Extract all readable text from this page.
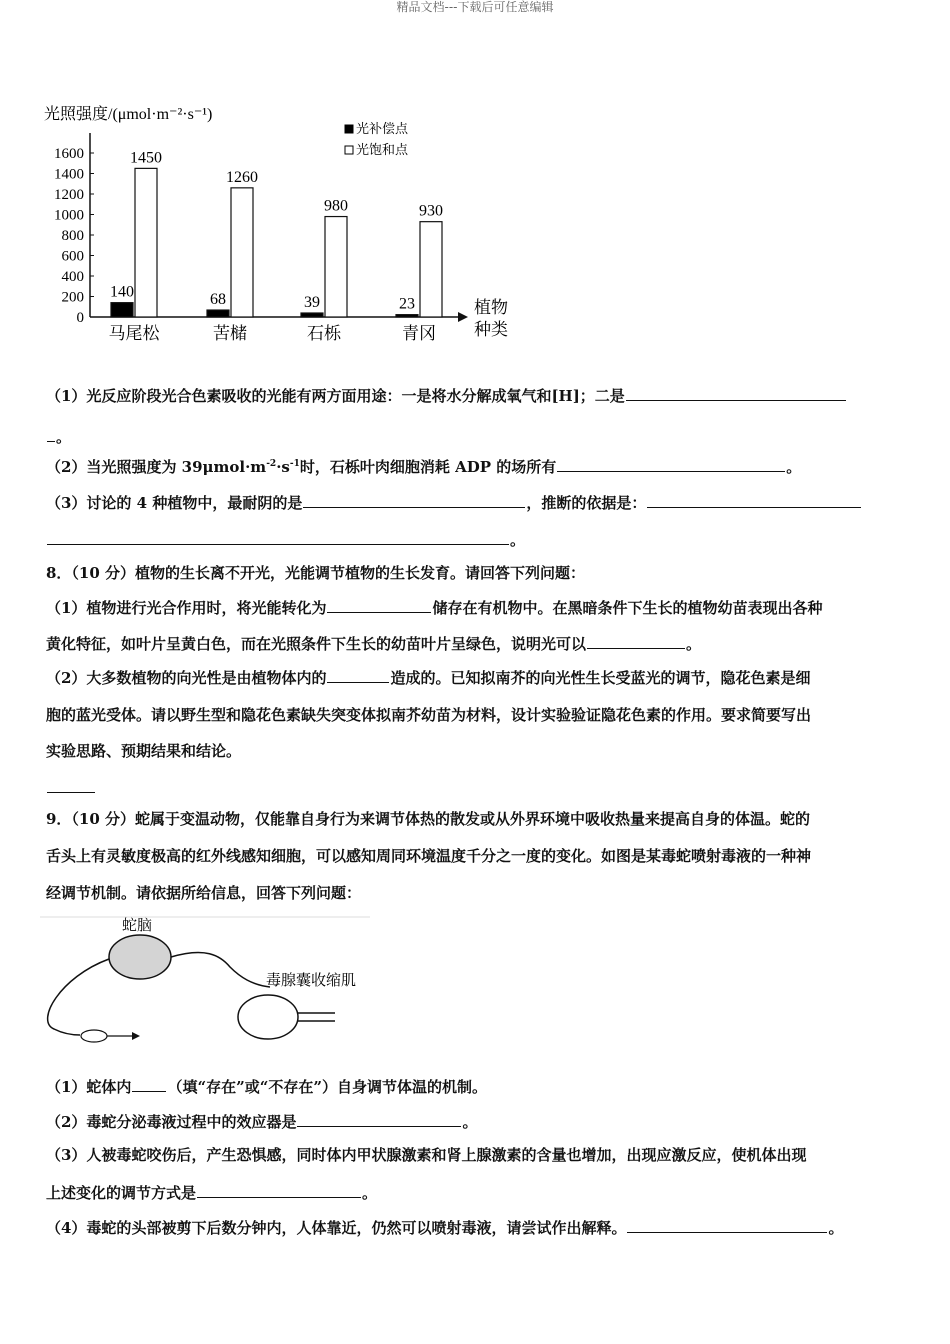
精品文档---下载后可任意编辑
光照强度/(μmol·m⁻²·s⁻¹)
0
200
400
600
800
1000
1200
1400
1600
140
1450
68
1260
39
980
23
930
马尾松	苦槠	石栎	青冈
植物
种类
光补偿点
光饱和点
（1）光反应阶段光合色素吸收的光能有两方面用途：一是将水分解成氧气和[H]；二是
。
（2）当光照强度为 $39\mu mol\cdot m^{-2}\cdot s^{-1}$时，石栎叶肉细胞消耗 ADP 的场所有	。
（3）讨论的 4 种植物中，最耐阴的是	，推断的依据是：
。
8．（10 分）植物的生长离不开光，光能调节植物的生长发育。请回答下列问题：
（1）植物进行光合作用时，将光能转化为	储存在有机物中。在黑暗条件下生长的植物幼苗表现出各种
黄化特征，如叶片呈黄白色，而在光照条件下生长的幼苗叶片呈绿色，说明光可以	。
（2）大多数植物的向光性是由植物体内的	造成的。已知拟南芥的向光性生长受蓝光的调节，隐花色素是细
胞的蓝光受体。请以野生型和隐花色素缺失突变体拟南芥幼苗为材料，设计实验验证隐花色素的作用。要求简要写出
实验思路、预期结果和结论。
9．（10 分）蛇属于变温动物，仅能靠自身行为来调节体热的散发或从外界环境中吸收热量来提高自身的体温。蛇的
舌头上有灵敏度极高的红外线感知细胞，可以感知周同环境温度千分之一度的变化。如图是某毒蛇喷射毒液的一种神
经调节机制。请依据所给信息，回答下列问题：
蛇脑
毒腺囊收缩肌
（1）蛇体内 （填“存在”或“不存在”）自身调节体温的机制。
（2）毒蛇分泌毒液过程中的效应器是	。
（3）人被毒蛇咬伤后，产生恐惧感，同时体内甲状腺激素和肾上腺激素的含量也增加，出现应激反应，使机体出现
上述变化的调节方式是	。
（4）毒蛇的头部被剪下后数分钟内，人体靠近，仍然可以喷射毒液，请尝试作出解释。	。
